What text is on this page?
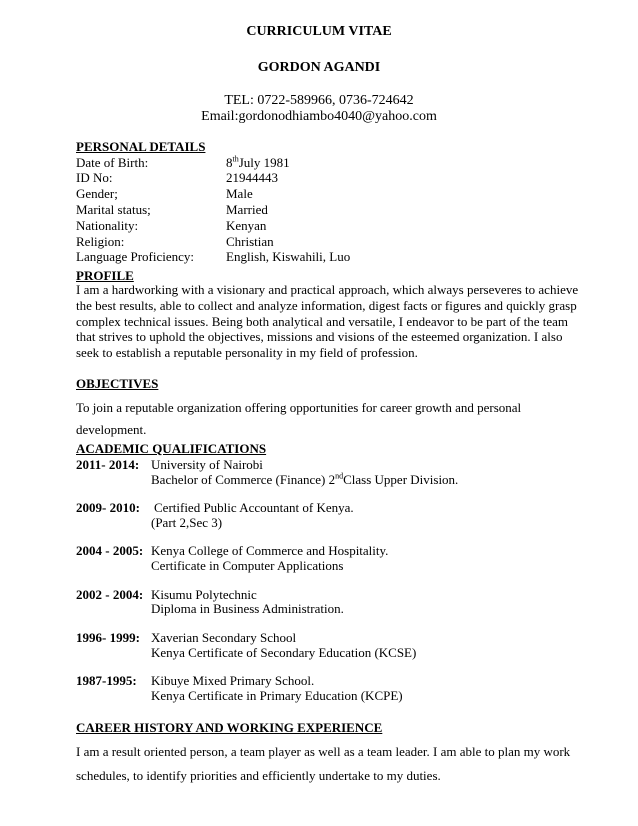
CURRICULUM VITAE
GORDON AGANDI
TEL: 0722-589966, 0736-724642
Email:gordonodhiambo4040@yahoo.com
PERSONAL DETAILS
Date of Birth:	8thJuly 1981
ID No:	21944443
Gender;	Male
Marital status;	Married
Nationality:	Kenyan
Religion:	Christian
Language Proficiency: English, Kiswahili, Luo
PROFILE
I am a hardworking with a visionary and practical approach, which always perseveres to achieve
the best results, able to collect and analyze information, digest facts or figures and quickly grasp
complex technical issues. Being both analytical and versatile, I endeavor to be part of the team
that strives to uphold the objectives, missions and visions of the esteemed organization. I also
seek to establish a reputable personality in my field of profession.
OBJECTIVES
To join a reputable organization offering opportunities for career growth and personal
development.
ACADEMIC QUALIFICATIONS
2011- 2014: University of Nairobi
Bachelor of Commerce (Finance) 2ndClass Upper Division.
2009- 2010: Certified Public Accountant of Kenya.
(Part 2,Sec 3)
2004 - 2005: Kenya College of Commerce and Hospitality.
Certificate in Computer Applications
2002 - 2004: Kisumu Polytechnic
Diploma in Business Administration.
1996- 1999: Xaverian Secondary School
Kenya Certificate of Secondary Education (KCSE)
1987-1995: Kibuye Mixed Primary School.
Kenya Certificate in Primary Education (KCPE)
CAREER HISTORY AND WORKING EXPERIENCE
I am a result oriented person, a team player as well as a team leader. I am able to plan my work
schedules, to identify priorities and efficiently undertake to my duties.
